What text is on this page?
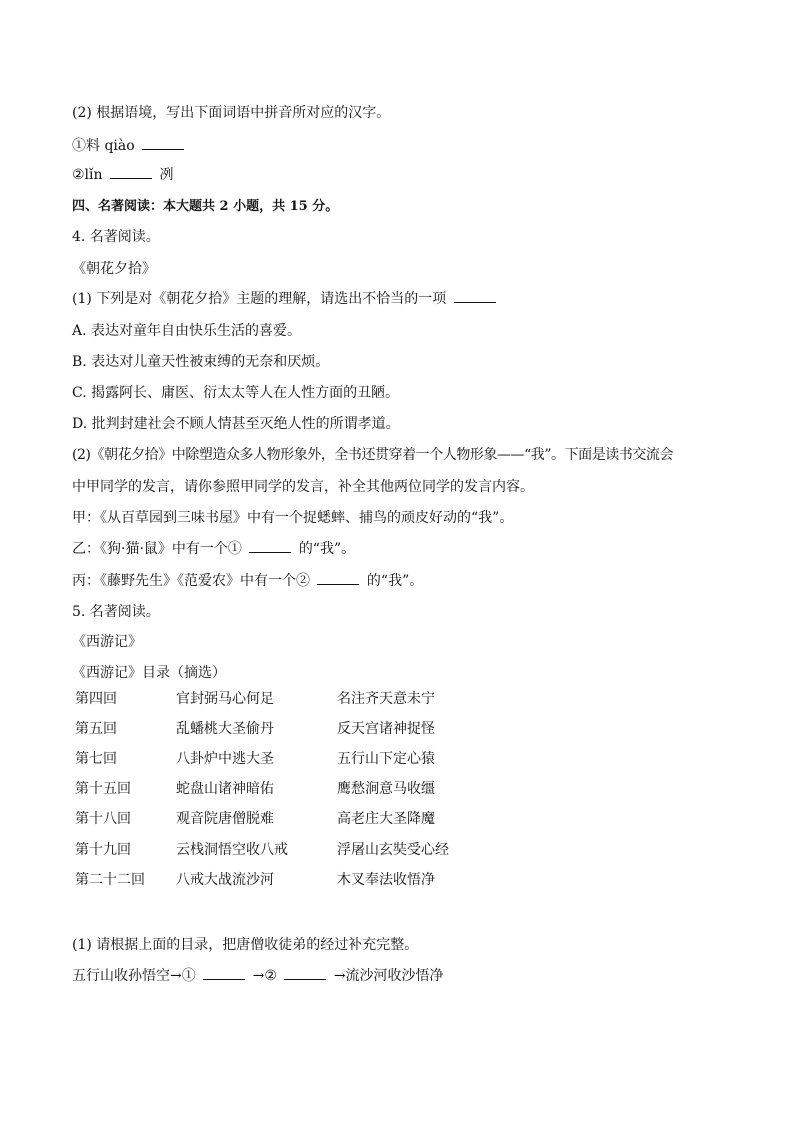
(2) 根据语境，写出下面词语中拼音所对应的汉字。
①料 qiào
②lǐn	冽
四、名著阅读：本大题共 2 小题，共 15 分。
4. 名著阅读。
《朝花夕拾》
(1) 下列是对《朝花夕拾》主题的理解，请选出不恰当的一项
A. 表达对童年自由快乐生活的喜爱。
B. 表达对儿童天性被束缚的无奈和厌烦。
C. 揭露阿长、庸医、衍太太等人在人性方面的丑陋。
D. 批判封建社会不顾人情甚至灭绝人性的所谓孝道。
(2)《朝花夕拾》中除塑造众多人物形象外，全书还贯穿着一个人物形象——“我”。下面是读书交流会
中甲同学的发言，请你参照甲同学的发言，补全其他两位同学的发言内容。
甲：《从百草园到三味书屋》中有一个捉蟋蟀、捕鸟的顽皮好动的“我”。
乙：《狗·猫·鼠》中有一个①	的“我”。
丙：《藤野先生》《范爱农》中有一个②	的“我”。
5. 名著阅读。
《西游记》
《西游记》目录（摘选）
第四回	官封弼马心何足	名注齐天意未宁
第五回	乱蟠桃大圣偷丹	反天宫诸神捉怪
第七回	八卦炉中逃大圣	五行山下定心猿
第十五回	蛇盘山诸神暗佑	鹰愁涧意马收缰
第十八回	观音院唐僧脱难	高老庄大圣降魔
第十九回	云栈洞悟空收八戒	浮屠山玄奘受心经
第二十二回 八戒大战流沙河	木叉奉法收悟净
(1) 请根据上面的目录，把唐僧收徒弟的经过补充完整。
五行山收孙悟空→①	→②	→流沙河收沙悟净
